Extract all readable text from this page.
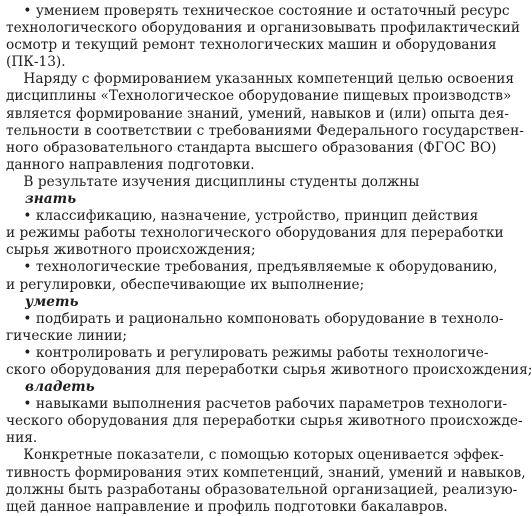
• умением проверять техническое состояние и остаточный ресурс
технологического оборудования и организовывать профилактический
осмотр и текущий ремонт технологических машин и оборудования
(ПК-13).
Наряду с формированием указанных компетенций целью освоения
дисциплины «Технологическое оборудование пищевых производств»
является формирование знаний, умений, навыков и (или) опыта дея-
тельности в соответствии с требованиями Федерального государствен-
ного образовательного стандарта высшего образования (ФГОС ВО)
данного направления подготовки.
В результате изучения дисциплины студенты должны
знать
• классификацию, назначение, устройство, принцип действия
и режимы работы технологического оборудования для переработки
сырья животного происхождения;
• технологические требования, предъявляемые к оборудованию,
и регулировки, обеспечивающие их выполнение;
уметь
• подбирать и рационально компоновать оборудование в техноло-
гические линии;
• контролировать и регулировать режимы работы технологиче-
ского оборудования для переработки сырья животного происхождения;
владеть
• навыками выполнения расчетов рабочих параметров технологи-
ческого оборудования для переработки сырья животного происхожде-
ния.
Конкретные показатели, с помощью которых оценивается эффек-
тивность формирования этих компетенций, знаний, умений и навыков,
должны быть разработаны образовательной организацией, реализую-
щей данное направление и профиль подготовки бакалавров.
